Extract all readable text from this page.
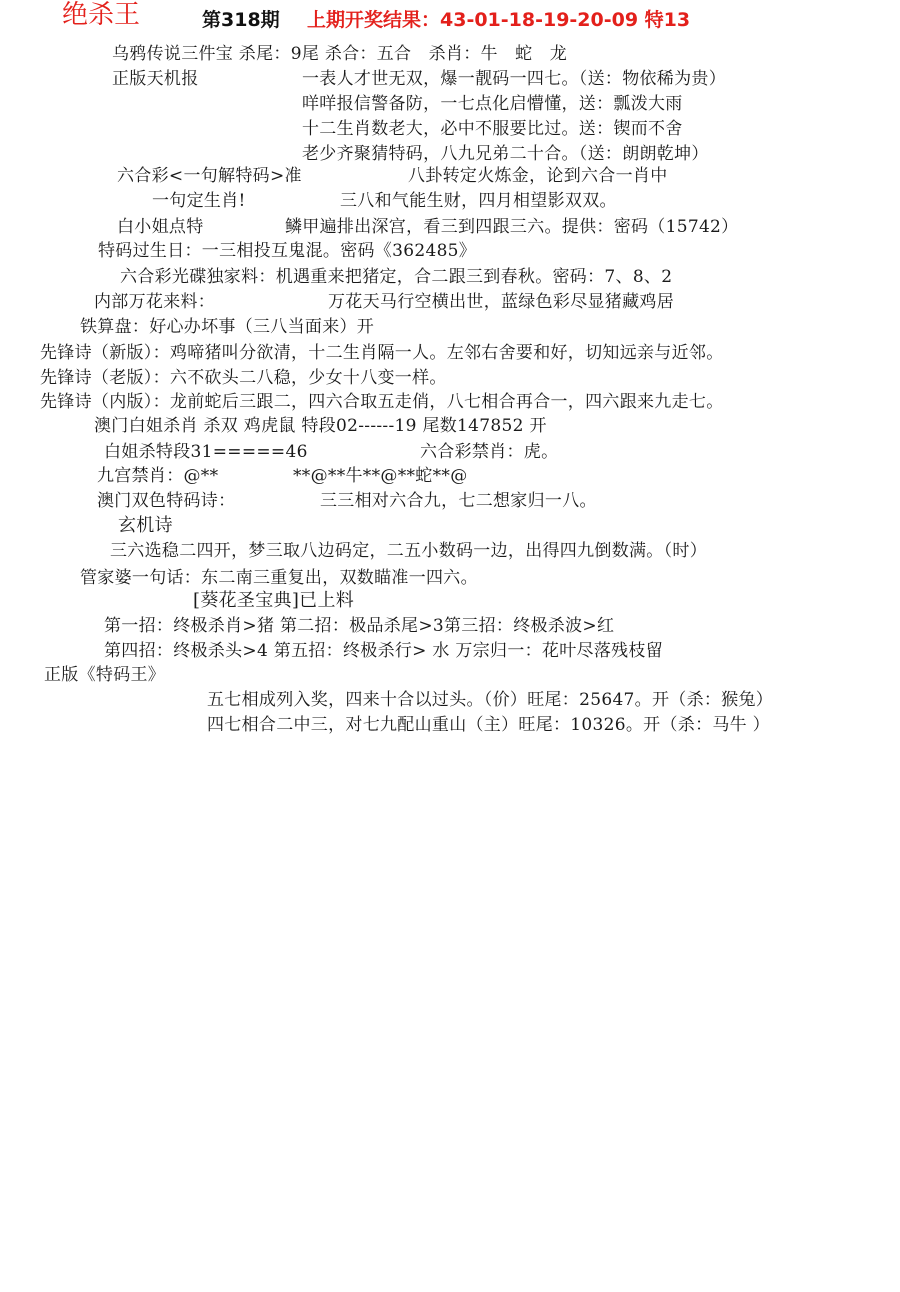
绝杀王	第318期 上期开奖结果：43-01-18-19-20-09 特13
乌鸦传说三件宝 杀尾：9尾 杀合：五合　杀肖：牛　蛇　龙
正版天机报	一表人才世无双，爆一靓码一四七。（送：物依稀为贵）
咩咩报信警备防，一七点化启懵懂，送：瓢泼大雨
十二生肖数老大，必中不服要比过。送：锲而不舍
老少齐聚猜特码，八九兄弟二十合。（送：朗朗乾坤）
六合彩<一句解特码>准	八卦转定火炼金，论到六合一肖中
一句定生肖!	三八和气能生财，四月相望影双双。
白小姐点特	鳞甲遍排出深宫，看三到四跟三六。提供：密码（15742）
特码过生日：一三相投互鬼混。密码《362485》
六合彩光碟独家料：机遇重来把猪定，合二跟三到春秋。密码：7、8、2
内部万花来料：	万花天马行空横出世，蓝绿色彩尽显猪藏鸡居
铁算盘：好心办坏事（三八当面来）开
先锋诗（新版）：鸡啼猪叫分欲清，十二生肖隔一人。左邻右舍要和好，切知远亲与近邻。
先锋诗（老版）：六不砍头二八稳，少女十八变一样。
先锋诗（内版）：龙前蛇后三跟二，四六合取五走俏，八七相合再合一，四六跟来九走七。
澳门白姐杀肖 杀双 鸡虎鼠 特段02------19 尾数147852 开
白姐杀特段31=====46	六合彩禁肖：虎。
九宫禁肖：@**	**@**牛**@**蛇**@
澳门双色特码诗：	三三相对六合九，七二想家归一八。
玄机诗
三六选稳二四开，梦三取八边码定，二五小数码一边，出得四九倒数满。（时）
管家婆一句话：东二南三重复出，双数瞄准一四六。
[葵花圣宝典]已上料
第一招：终极杀肖>猪 第二招：极品杀尾>3第三招：终极杀波>红
第四招：终极杀头>4 第五招：终极杀行> 水 万宗归一：花叶尽落残枝留
正版《特码王》
五七相成列入奖，四来十合以过头。（价）旺尾：25647。开（杀：猴兔）
四七相合二中三，对七九配山重山（主）旺尾：10326。开（杀：马牛 ）
